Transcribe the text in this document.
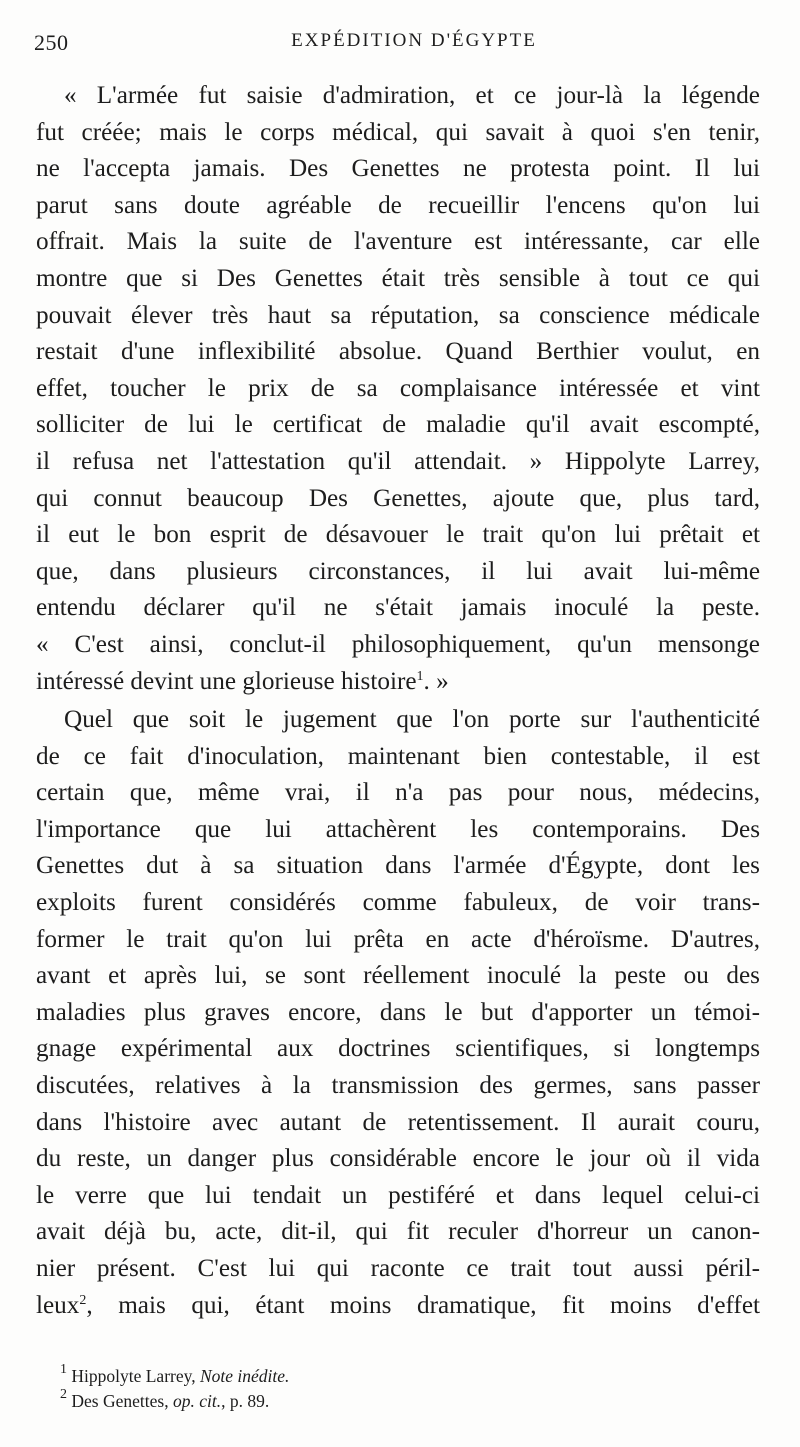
250	EXPÉDITION D'ÉGYPTE
« L'armée fut saisie d'admiration, et ce jour-là la légende
fut créée; mais le corps médical, qui savait à quoi s'en tenir,
ne l'accepta jamais. Des Genettes ne protesta point. Il lui
parut sans doute agréable de recueillir l'encens qu'on lui
offrait. Mais la suite de l'aventure est intéressante, car elle
montre que si Des Genettes était très sensible à tout ce qui
pouvait élever très haut sa réputation, sa conscience médicale
restait d'une inflexibilité absolue. Quand Berthier voulut, en
effet, toucher le prix de sa complaisance intéressée et vint
solliciter de lui le certificat de maladie qu'il avait escompté,
il refusa net l'attestation qu'il attendait. » Hippolyte Larrey,
qui connut beaucoup Des Genettes, ajoute que, plus tard,
il eut le bon esprit de désavouer le trait qu'on lui prêtait et
que, dans plusieurs circonstances, il lui avait lui-même
entendu déclarer qu'il ne s'était jamais inoculé la peste.
« C'est ainsi, conclut-il philosophiquement, qu'un mensonge
intéressé devint une glorieuse histoire$^1$. »
Quel que soit le jugement que l'on porte sur l'authenticité
de ce fait d'inoculation, maintenant bien contestable, il est
certain que, même vrai, il n'a pas pour nous, médecins,
l'importance que lui attachèrent les contemporains. Des
Genettes dut à sa situation dans l'armée d'Égypte, dont les
exploits furent considérés comme fabuleux, de voir trans-
former le trait qu'on lui prêta en acte d'héroïsme. D'autres,
avant et après lui, se sont réellement inoculé la peste ou des
maladies plus graves encore, dans le but d'apporter un témoi-
gnage expérimental aux doctrines scientifiques, si longtemps
discutées, relatives à la transmission des germes, sans passer
dans l'histoire avec autant de retentissement. Il aurait couru,
du reste, un danger plus considérable encore le jour où il vida
le verre que lui tendait un pestiféré et dans lequel celui-ci
avait déjà bu, acte, dit-il, qui fit reculer d'horreur un canon-
nier présent. C'est lui qui raconte ce trait tout aussi péril-
leux$^2$, mais qui, étant moins dramatique, fit moins d'effet
$^1$ Hippolyte Larrey, Note inédite.
$^2$ Des Genettes, op. cit., p. 89.
